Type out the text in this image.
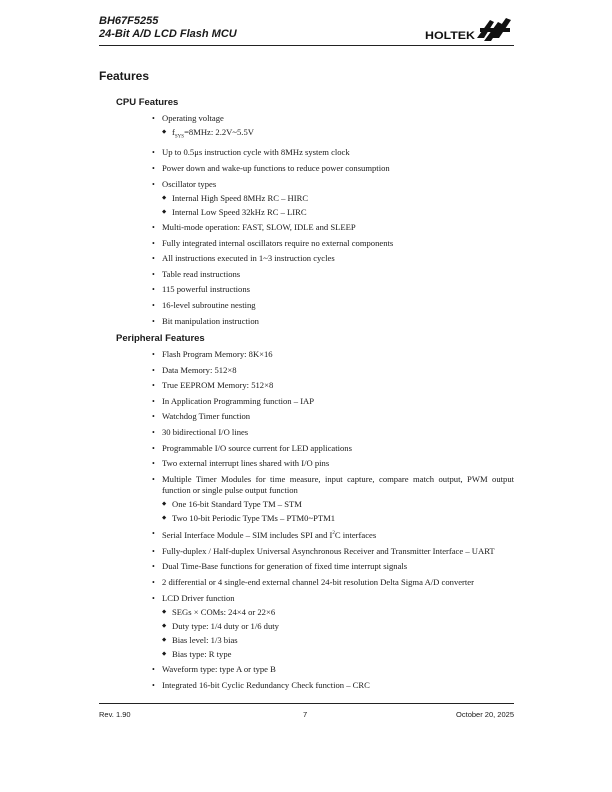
BH67F5255
24-Bit A/D LCD Flash MCU	HOLTEK
Features
CPU Features
• Operating voltage
◆ $f_{SYS}=8MHz$: 2.2V~5.5V
• Up to 0.5μs instruction cycle with 8MHz system clock
• Power down and wake-up functions to reduce power consumption
• Oscillator types
◆ Internal High Speed 8MHz RC – HIRC
◆ Internal Low Speed 32kHz RC – LIRC
• Multi-mode operation: FAST, SLOW, IDLE and SLEEP
• Fully integrated internal oscillators require no external components
• All instructions executed in 1~3 instruction cycles
• Table read instructions
• 115 powerful instructions
• 16-level subroutine nesting
• Bit manipulation instruction
Peripheral Features
• Flash Program Memory: 8K×16
• Data Memory: 512×8
• True EEPROM Memory: 512×8
• In Application Programming function – IAP
• Watchdog Timer function
• 30 bidirectional I/O lines
• Programmable I/O source current for LED applications
• Two external interrupt lines shared with I/O pins
• Multiple Timer Modules for time measure, input capture, compare match output, PWM output function or single pulse output function
◆ One 16-bit Standard Type TM – STM
◆ Two 10-bit Periodic Type TMs – PTM0~PTM1
• Serial Interface Module – SIM includes SPI and $I^2C$ interfaces
• Fully-duplex / Half-duplex Universal Asynchronous Receiver and Transmitter Interface – UART
• Dual Time-Base functions for generation of fixed time interrupt signals
• 2 differential or 4 single-end external channel 24-bit resolution Delta Sigma A/D converter
• LCD Driver function
◆ SEGs × COMs: 24×4 or 22×6
◆ Duty type: 1/4 duty or 1/6 duty
◆ Bias level: 1/3 bias
◆ Bias type: R type
• Waveform type: type A or type B
• Integrated 16-bit Cyclic Redundancy Check function – CRC
Rev. 1.90	7	October 20, 2025
